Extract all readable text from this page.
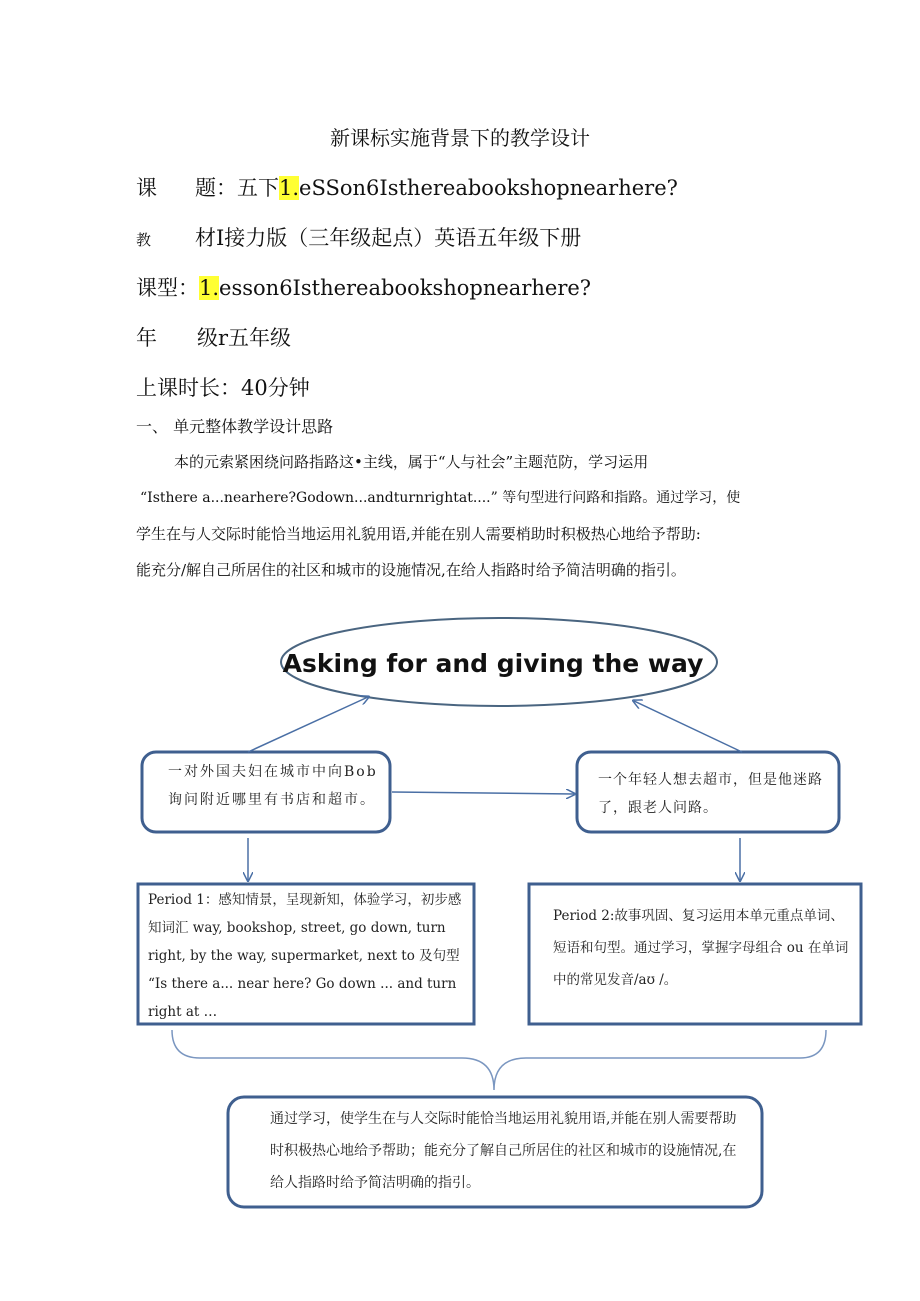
新课标实施背景下的教学设计
课 题：五下1.eSSon6Isthereabookshopnearhere?
教 材I接力版（三年级起点）英语五年级下册
课型：1.esson6Isthereabookshopnearhere?
年 级r五年级
上课时长：40分钟
一、 单元整体教学设计思路
本的元索紧困绕问路指路这•主线，属于“人与社会”主题范防，学习运用
“Isthere a...nearhere?Godown...andturnrightat....” 等句型进行问路和指路。通过学习，使
学生在与人交际时能恰当地运用礼貌用语,并能在别人需要梢助时积极热心地给予帮助:
能充分/解自己所居住的社区和城市的设施情况,在给人指路时给予简洁明确的指引。
Asking for and giving the way
一对外国夫妇在城市中向Bob 询问附近哪里有书店和超市。
一个年轻人想去超市，但是他迷路了，跟老人问路。
Period 1：感知情景，呈现新知，体验学习，初步感知词汇 way, bookshop, street, go down, turn right, by the way, supermarket, next to 及句型 “Is there a... near here? Go down ... and turn right at …
Period 2:故事巩固、复习运用本单元重点单词、短语和句型。通过学习，掌握字母组合 ou 在单词中的常见发音/aʊ /。
通过学习，使学生在与人交际时能恰当地运用礼貌用语,并能在别人需要帮助时积极热心地给予帮助；能充分了解自己所居住的社区和城市的设施情况,在给人指路时给予简洁明确的指引。
